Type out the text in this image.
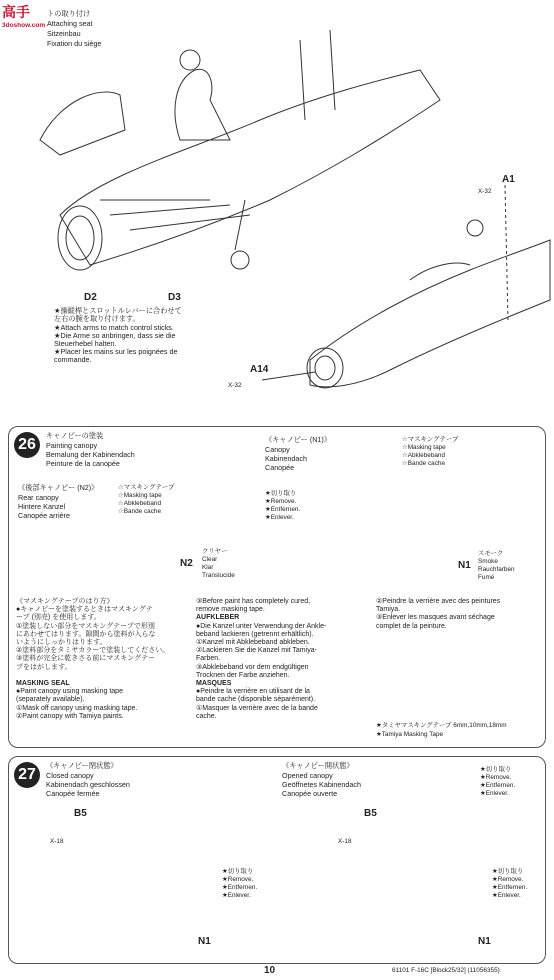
高手
3doshow.com
トの取り付け
Attaching seat
Sitzeinbau
Fixation du siège
D2	D3
A1
A14
X-32
X-32
★操縦桿とスロットルレバーに合わせて
左右の腕を取り付けます。
★Attach arms to match control sticks.
★Die Arme so anbringen, dass sie die
Steuerhebel halten.
★Placer les mains sur les poignées de
commande.
26
キャノピーの塗装
Painting canopy
Bemalung der Kabinendach
Peinture de la canopée
《キャノピー (N1)》
Canopy
Kabinendach
Canopée
☆マスキングテープ
☆Masking tape
☆Abklebeband
☆Bande cache
《後部キャノピー (N2)》
Rear canopy
Hintere Kanzel
Canopée arrière
☆マスキングテープ
☆Masking tape
☆Abklebeband
☆Bande cache
★切り取り
★Remove.
★Entfernen.
★Enlever.
N2
クリヤー
Clear
Klar
Translucide
N1
スモーク
Smoke
Rauchfarben
Fumé
《マスキングテープのはり方》
●キャノピーを塗装するときはマスキングテ
ープ (別売) を使用します。
①塗装しない部分をマスキングテープで形別
にあわせてはります。隙間から塗料が入らな
いようにしっかりはります。
②塗料部分をタミヤカラーで塗装してください。
③塗料が完全に乾きさる前にマスキングテー
プをはがします。
MASKING SEAL
●Paint canopy using masking tape
(separately available).
①Mask off canopy using masking tape.
②Paint canopy with Tamiya paints.
③Before paint has completely cured,
remove masking tape.
AUFKLEBER
●Die Kanzel unter Verwendung der Ankle-
beband lackieren (getrennt erhältlich).
①Kanzel mit Abklebeband abkleben.
②Lackieren Sie die Kanzel mit Tamiya-
Farben.
③Abklebeband vor dem endgültigen
Trocknen der Farbe anziehen.
MASQUES
●Peindre la verrière en utilisant de la
bande cache (disponible séparément).
①Masquer la verrière avec de la bande
cache.
②Peindre la verrière avec des peintures
Tamiya.
③Enlever les masques avant séchage
complet de la peinture.
★タミヤマスキングテープ 6mm,10mm,18mm
★Tamiya Masking Tape
27
《キャノピー閉状態》
Closed canopy
Kabinendach geschlossen
Canopée fermée
《キャノピー開状態》
Opened canopy
Geöffnetes Kabinendach
Canopée ouverte
★切り取り
★Remove.
★Entfernen.
★Enlever.
B5
X-18
B5
X-18
★切り取り
★Remove.
★Entfernen.
★Enlever.
★切り取り
★Remove.
★Entfernen.
★Enlever.
N1	N1
10	61101 F-16C [Block25/32] (11056355)
